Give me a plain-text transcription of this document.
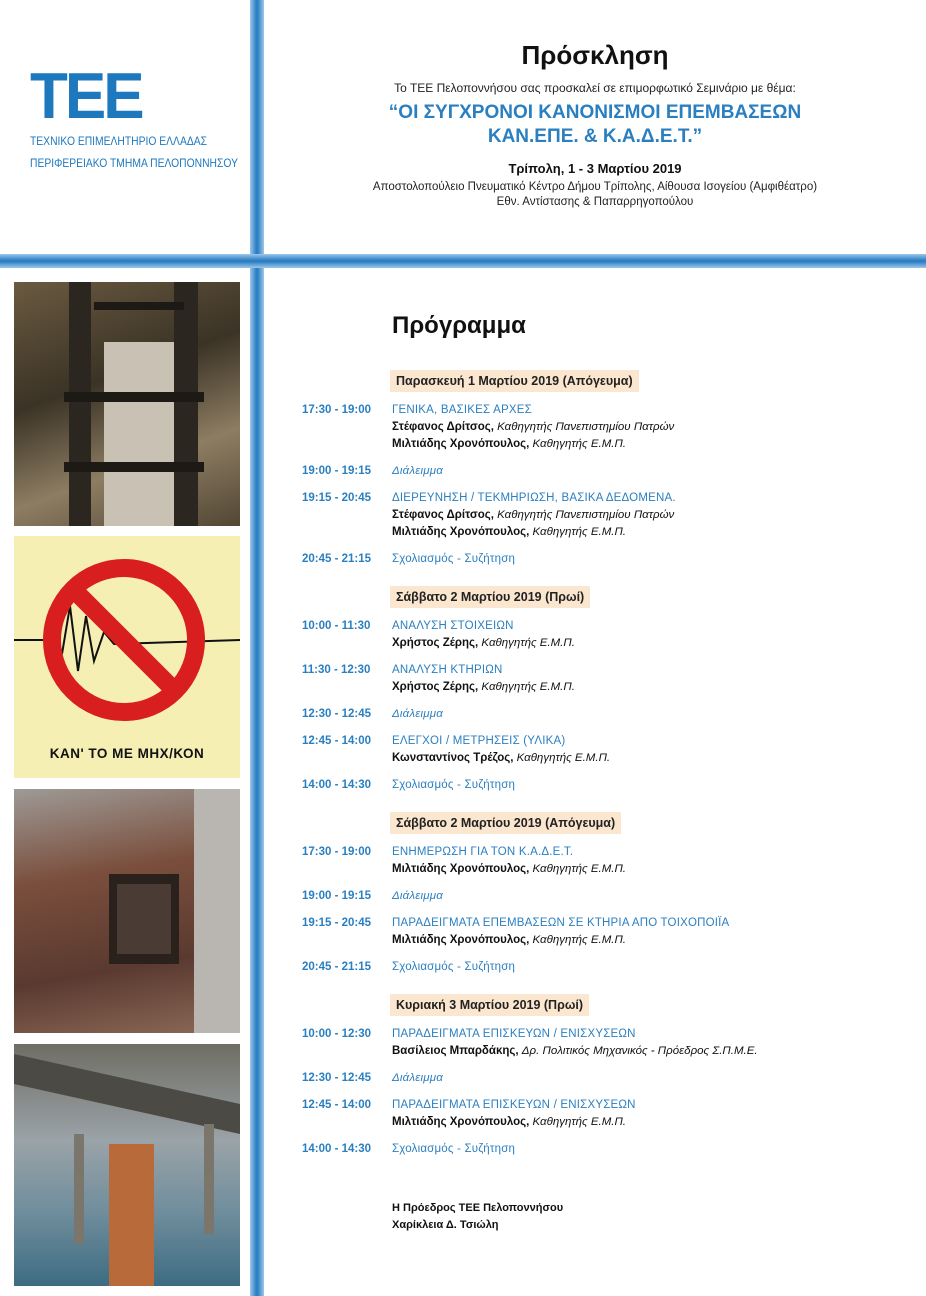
TEE
ΤΕΧΝΙΚΟ ΕΠΙΜΕΛΗΤΗΡΙΟ ΕΛΛΑΔΑΣ
ΠΕΡΙΦΕΡΕΙΑΚΟ ΤΜΗΜΑ ΠΕΛΟΠΟΝΝΗΣΟΥ
Πρόσκληση
Το ΤΕΕ Πελοποννήσου σας προσκαλεί σε επιμορφωτικό Σεμινάριο με θέμα:
“ΟΙ ΣΥΓΧΡΟΝΟΙ ΚΑΝΟΝΙΣΜΟΙ ΕΠΕΜΒΑΣΕΩΝ
ΚΑΝ.ΕΠΕ. & Κ.Α.Δ.Ε.Τ.”
Τρίπολη, 1 - 3 Μαρτίου 2019
Αποστολοπούλειο Πνευματικό Κέντρο Δήμου Τρίπολης, Αίθουσα Ισογείου (Αμφιθέατρο)
Εθν. Αντίστασης & Παπαρρηγοπούλου
ΚΑΝ' ΤΟ ΜΕ ΜΗΧ/ΚΟΝ
Πρόγραμμα
Παρασκευή 1 Μαρτίου 2019 (Απόγευμα)
17:30 - 19:00	ΓΕΝΙΚΑ, ΒΑΣΙΚΕΣ ΑΡΧΕΣ
Στέφανος Δρίτσος, Καθηγητής Πανεπιστημίου Πατρών
Μιλτιάδης Χρονόπουλος, Καθηγητής Ε.Μ.Π.
19:00 - 19:15	Διάλειμμα
19:15 - 20:45	ΔΙΕΡΕΥΝΗΣΗ / ΤΕΚΜΗΡΙΩΣΗ, ΒΑΣΙΚΑ ΔΕΔΟΜΕΝΑ.
Στέφανος Δρίτσος, Καθηγητής Πανεπιστημίου Πατρών
Μιλτιάδης Χρονόπουλος, Καθηγητής Ε.Μ.Π.
20:45 - 21:15	Σχολιασμός - Συζήτηση
Σάββατο 2 Μαρτίου 2019 (Πρωί)
10:00 - 11:30	ΑΝΑΛΥΣΗ ΣΤΟΙΧΕΙΩΝ
Χρήστος Ζέρης, Καθηγητής Ε.Μ.Π.
11:30 - 12:30	ΑΝΑΛΥΣΗ ΚΤΗΡΙΩΝ
Χρήστος Ζέρης, Καθηγητής Ε.Μ.Π.
12:30 - 12:45	Διάλειμμα
12:45 - 14:00	ΕΛΕΓΧΟΙ / ΜΕΤΡΗΣΕΙΣ (ΥΛΙΚΑ)
Κωνσταντίνος Τρέζος, Καθηγητής Ε.Μ.Π.
14:00 - 14:30	Σχολιασμός - Συζήτηση
Σάββατο 2 Μαρτίου 2019 (Απόγευμα)
17:30 - 19:00	ΕΝΗΜΕΡΩΣΗ ΓΙΑ ΤΟΝ Κ.Α.Δ.Ε.Τ.
Μιλτιάδης Χρονόπουλος, Καθηγητής Ε.Μ.Π.
19:00 - 19:15	Διάλειμμα
19:15 - 20:45	ΠΑΡΑΔΕΙΓΜΑΤΑ ΕΠΕΜΒΑΣΕΩΝ ΣΕ ΚΤΗΡΙΑ ΑΠΟ ΤΟΙΧΟΠΟΙΪΑ
Μιλτιάδης Χρονόπουλος, Καθηγητής Ε.Μ.Π.
20:45 - 21:15	Σχολιασμός - Συζήτηση
Κυριακή 3 Μαρτίου 2019 (Πρωί)
10:00 - 12:30	ΠΑΡΑΔΕΙΓΜΑΤΑ ΕΠΙΣΚΕΥΩΝ / ΕΝΙΣΧΥΣΕΩΝ
Βασίλειος Μπαρδάκης, Δρ. Πολιτικός Μηχανικός - Πρόεδρος Σ.Π.Μ.Ε.
12:30 - 12:45	Διάλειμμα
12:45 - 14:00	ΠΑΡΑΔΕΙΓΜΑΤΑ ΕΠΙΣΚΕΥΩΝ / ΕΝΙΣΧΥΣΕΩΝ
Μιλτιάδης Χρονόπουλος, Καθηγητής Ε.Μ.Π.
14:00 - 14:30	Σχολιασμός - Συζήτηση
Η Πρόεδρος ΤΕΕ Πελοποννήσου
Χαρίκλεια Δ. Τσιώλη
